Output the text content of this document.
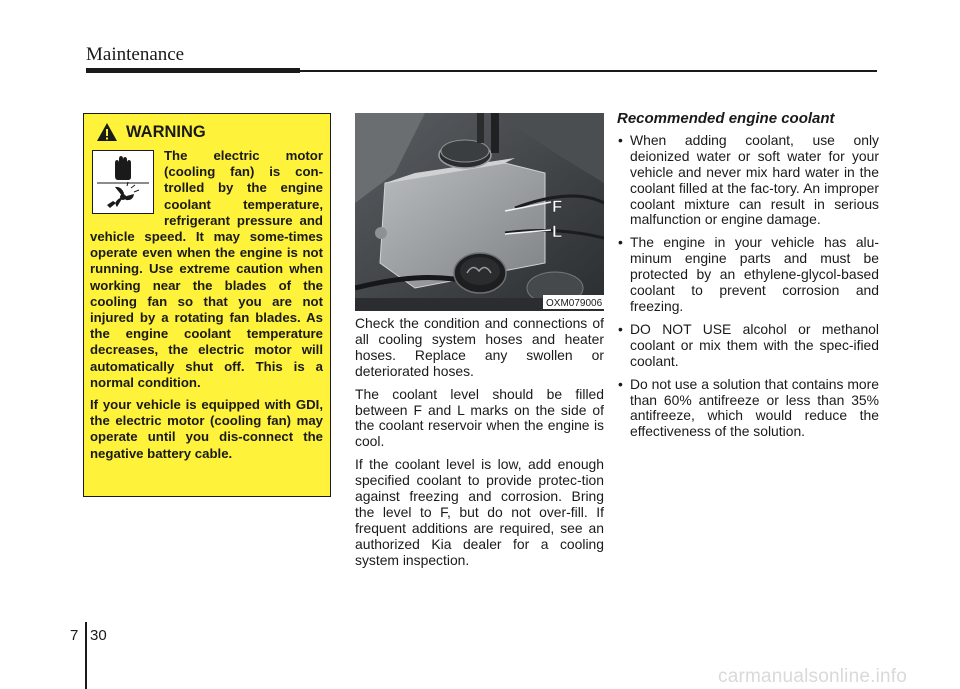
Maintenance
WARNING

The electric motor (cooling fan) is con-trolled by the engine coolant temperature, refrigerant pressure and vehicle speed. It may some-times operate even when the engine is not running. Use extreme caution when working near the blades of the cooling fan so that you are not injured by a rotating fan blades. As the engine coolant temperature decreases, the electric motor will automatically shut off. This is a normal condition.

If your vehicle is equipped with GDI, the electric motor (cooling fan) may operate until you dis-connect the negative battery cable.

F
L
OXM079006

Check the condition and connections of all cooling system hoses and heater hoses. Replace any swollen or deteriorated hoses.

The coolant level should be filled between F and L marks on the side of the coolant reservoir when the engine is cool.

If the coolant level is low, add enough specified coolant to provide protec-tion against freezing and corrosion. Bring the level to F, but do not over-fill. If frequent additions are required, see an authorized Kia dealer for a cooling system inspection.

Recommended engine coolant
• When adding coolant, use only deionized water or soft water for your vehicle and never mix hard water in the coolant filled at the fac-tory. An improper coolant mixture can result in serious malfunction or engine damage.
• The engine in your vehicle has alu-minum engine parts and must be protected by an ethylene-glycol-based coolant to prevent corrosion and freezing.
• DO NOT USE alcohol or methanol coolant or mix them with the spec-ified coolant.
• Do not use a solution that contains more than 60% antifreeze or less than 35% antifreeze, which would reduce the effectiveness of the solution.
7 30
carmanualsonline.info
